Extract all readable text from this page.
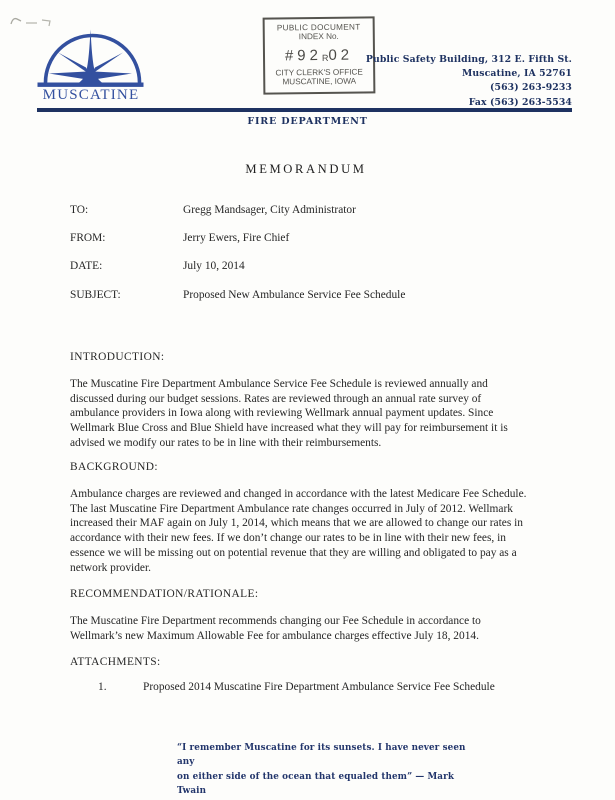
MUSCATINE
PUBLIC DOCUMENT
INDEX No.
#92R02
CITY CLERK'S OFFICE
MUSCATINE, IOWA
Public Safety Building, 312 E. Fifth St.
Muscatine, IA 52761
(563) 263-9233
Fax (563) 263-5534
FIRE DEPARTMENT
MEMORANDUM
TO:	Gregg Mandsager, City Administrator
FROM:	Jerry Ewers, Fire Chief
DATE:	July 10, 2014
SUBJECT:	Proposed New Ambulance Service Fee Schedule
INTRODUCTION:
The Muscatine Fire Department Ambulance Service Fee Schedule is reviewed annually and discussed during our budget sessions. Rates are reviewed through an annual rate survey of ambulance providers in Iowa along with reviewing Wellmark annual payment updates. Since Wellmark Blue Cross and Blue Shield have increased what they will pay for reimbursement it is advised we modify our rates to be in line with their reimbursements.
BACKGROUND:
Ambulance charges are reviewed and changed in accordance with the latest Medicare Fee Schedule. The last Muscatine Fire Department Ambulance rate changes occurred in July of 2012. Wellmark increased their MAF again on July 1, 2014, which means that we are allowed to change our rates in accordance with their new fees. If we don’t change our rates to be in line with their new fees, in essence we will be missing out on potential revenue that they are willing and obligated to pay as a network provider.
RECOMMENDATION/RATIONALE:
The Muscatine Fire Department recommends changing our Fee Schedule in accordance to Wellmark’s new Maximum Allowable Fee for ambulance charges effective July 18, 2014.
ATTACHMENTS:
1.	Proposed 2014 Muscatine Fire Department Ambulance Service Fee Schedule
“I remember Muscatine for its sunsets. I have never seen any
on either side of the ocean that equaled them” — Mark Twain
